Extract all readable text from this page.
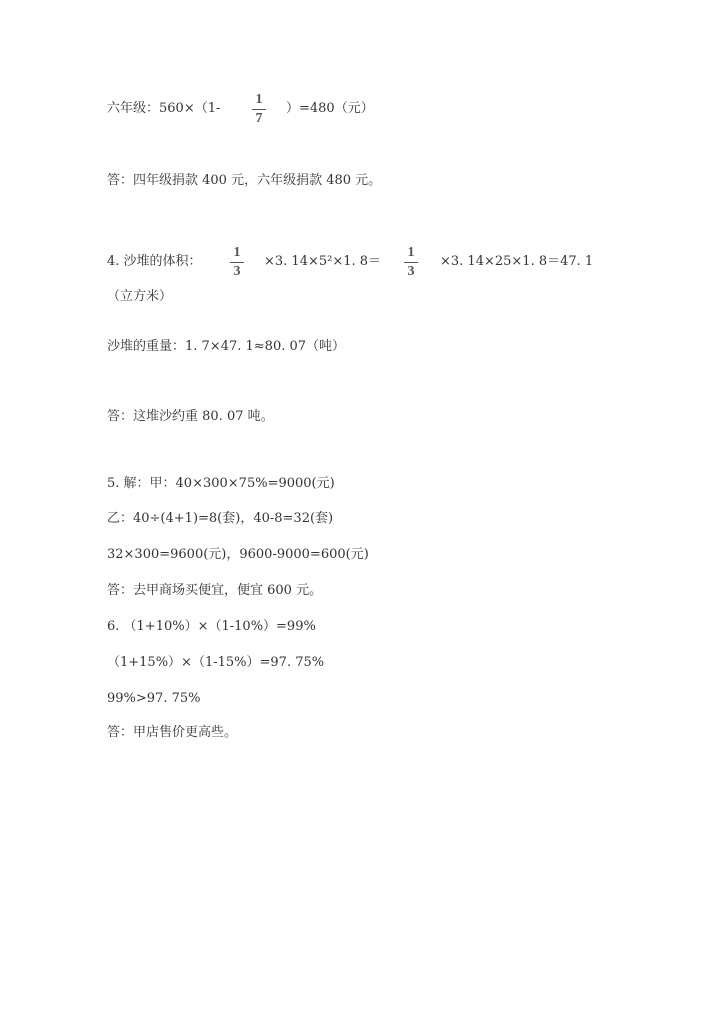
六年级：560×（1-
1
7
）=480（元）
答：四年级捐款 400 元，六年级捐款 480 元。
4. 沙堆的体积：
1
3
×3. 14×5²×1. 8＝
1
3
×3. 14×25×1. 8＝47. 1
（立方米）
沙堆的重量：1. 7×47. 1≈80. 07（吨）
答：这堆沙约重 80. 07 吨。
5. 解：甲：40×300×75%=9000(元)
乙：40÷(4+1)=8(套)，40-8=32(套)
32×300=9600(元)，9600-9000=600(元)
答：去甲商场买便宜，便宜 600 元。
6. （1+10%）×（1-10%）=99%
（1+15%）×（1-15%）=97. 75%
99%>97. 75%
答：甲店售价更高些。
